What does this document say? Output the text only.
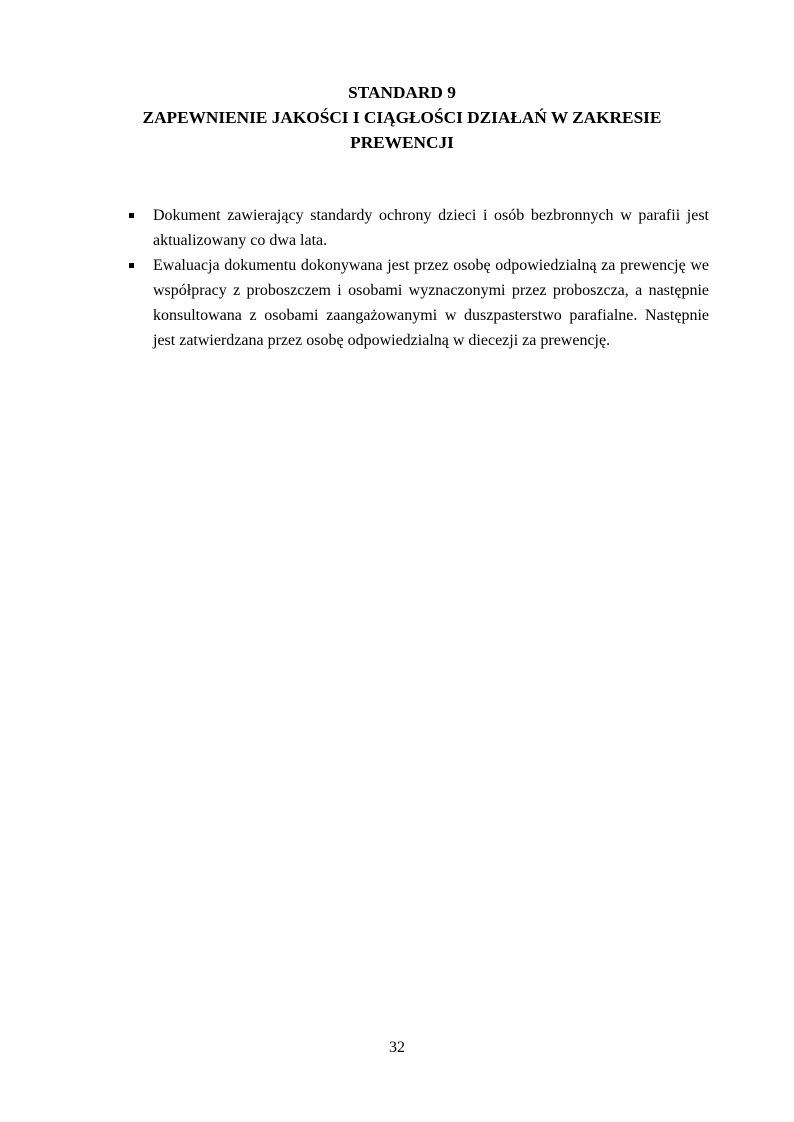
STANDARD 9
ZAPEWNIENIE JAKOŚCI I CIĄGŁOŚCI DZIAŁAŃ W ZAKRESIE
PREWENCJI
Dokument zawierający standardy ochrony dzieci i osób bezbronnych w parafii jest aktualizowany co dwa lata.
Ewaluacja dokumentu dokonywana jest przez osobę odpowiedzialną za prewencję we współpracy z proboszczem i osobami wyznaczonymi przez proboszcza, a następnie konsultowana z osobami zaangażowanymi w duszpasterstwo parafialne. Następnie jest zatwierdzana przez osobę odpowiedzialną w diecezji za prewencję.
32
